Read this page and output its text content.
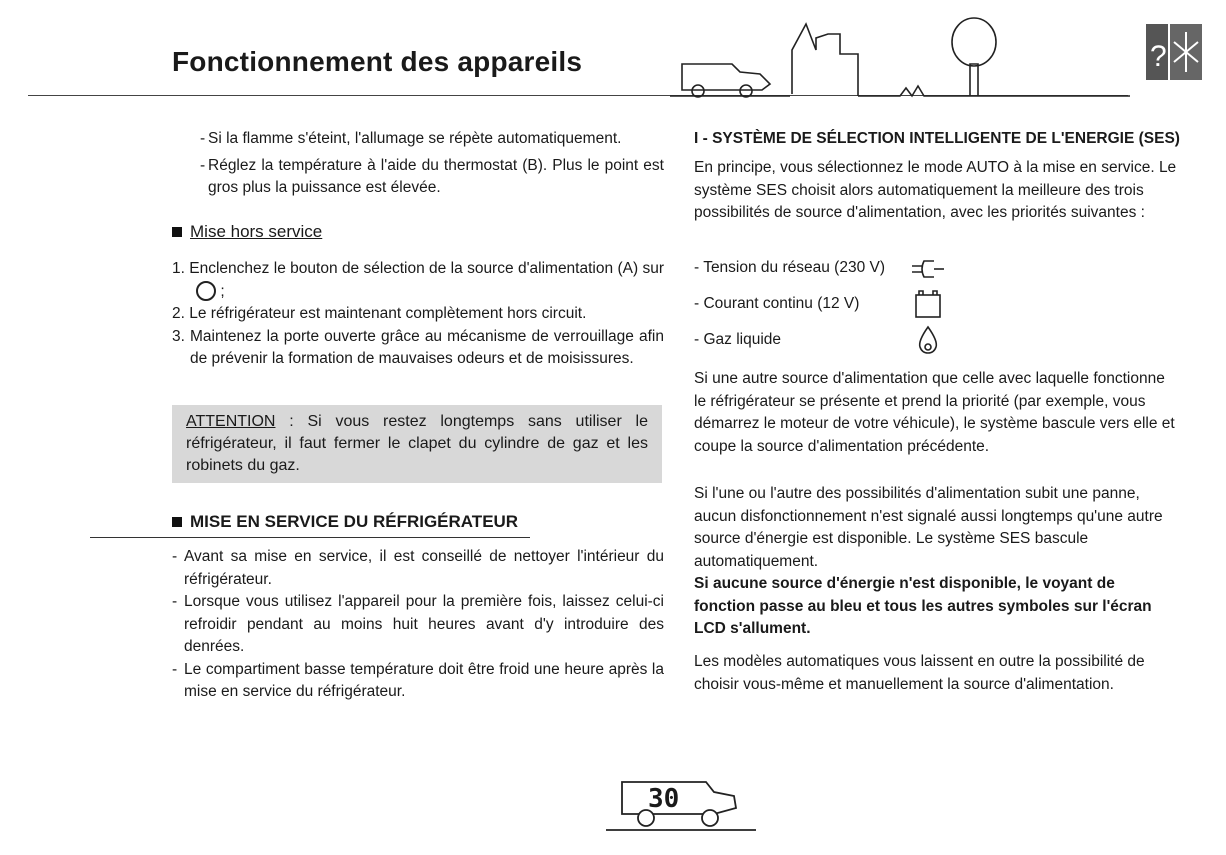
Fonctionnement des appareils	?
- Si la flamme s'éteint, l'allumage se répète automatiquement.
- Réglez la température à l'aide du thermostat (B). Plus le point est gros plus la puissance est élevée.
Mise hors service
1. Enclenchez le bouton de sélection de la source d'alimentation (A) sur  ;
2. Le réfrigérateur est maintenant complètement hors circuit.
3. Maintenez la porte ouverte grâce au mécanisme de verrouillage afin de prévenir la formation de mauvaises odeurs et de moisissures.
ATTENTION : Si vous restez longtemps sans utiliser le réfrigérateur, il faut fermer le clapet du cylindre de gaz et les robinets du gaz.
MISE EN SERVICE DU RÉFRIGÉRATEUR
- Avant sa mise en service, il est conseillé de nettoyer l'intérieur du réfrigérateur.
- Lorsque vous utilisez l'appareil pour la première fois, laissez celui-ci refroidir pendant au moins huit heures avant d'y introduire des denrées.
- Le compartiment basse température doit être froid une heure après la mise en service du réfrigérateur.
I - SYSTÈME DE SÉLECTION INTELLIGENTE DE L'ENERGIE (SES)
En principe, vous sélectionnez le mode AUTO à la mise en service. Le système SES choisit alors automatiquement la meilleure des trois possibilités de source d'alimentation, avec les priorités suivantes :
- Tension du réseau (230 V)
- Courant continu (12 V)
- Gaz liquide
Si une autre source d'alimentation que celle avec laquelle fonctionne le réfrigérateur se présente et prend la priorité (par exemple, vous démarrez le moteur de votre véhicule), le système bascule vers elle et coupe la source d'alimentation précédente.
Si l'une ou l'autre des possibilités d'alimentation subit une panne, aucun disfonctionnement n'est signalé aussi longtemps qu'une autre source d'énergie est disponible. Le système SES bascule automatiquement.
Si aucune source d'énergie n'est disponible, le voyant de fonction passe au bleu et tous les autres symboles sur l'écran LCD s'allument.
Les modèles automatiques vous laissent en outre la possibilité de choisir vous-même et manuellement la source d'alimentation.
30
